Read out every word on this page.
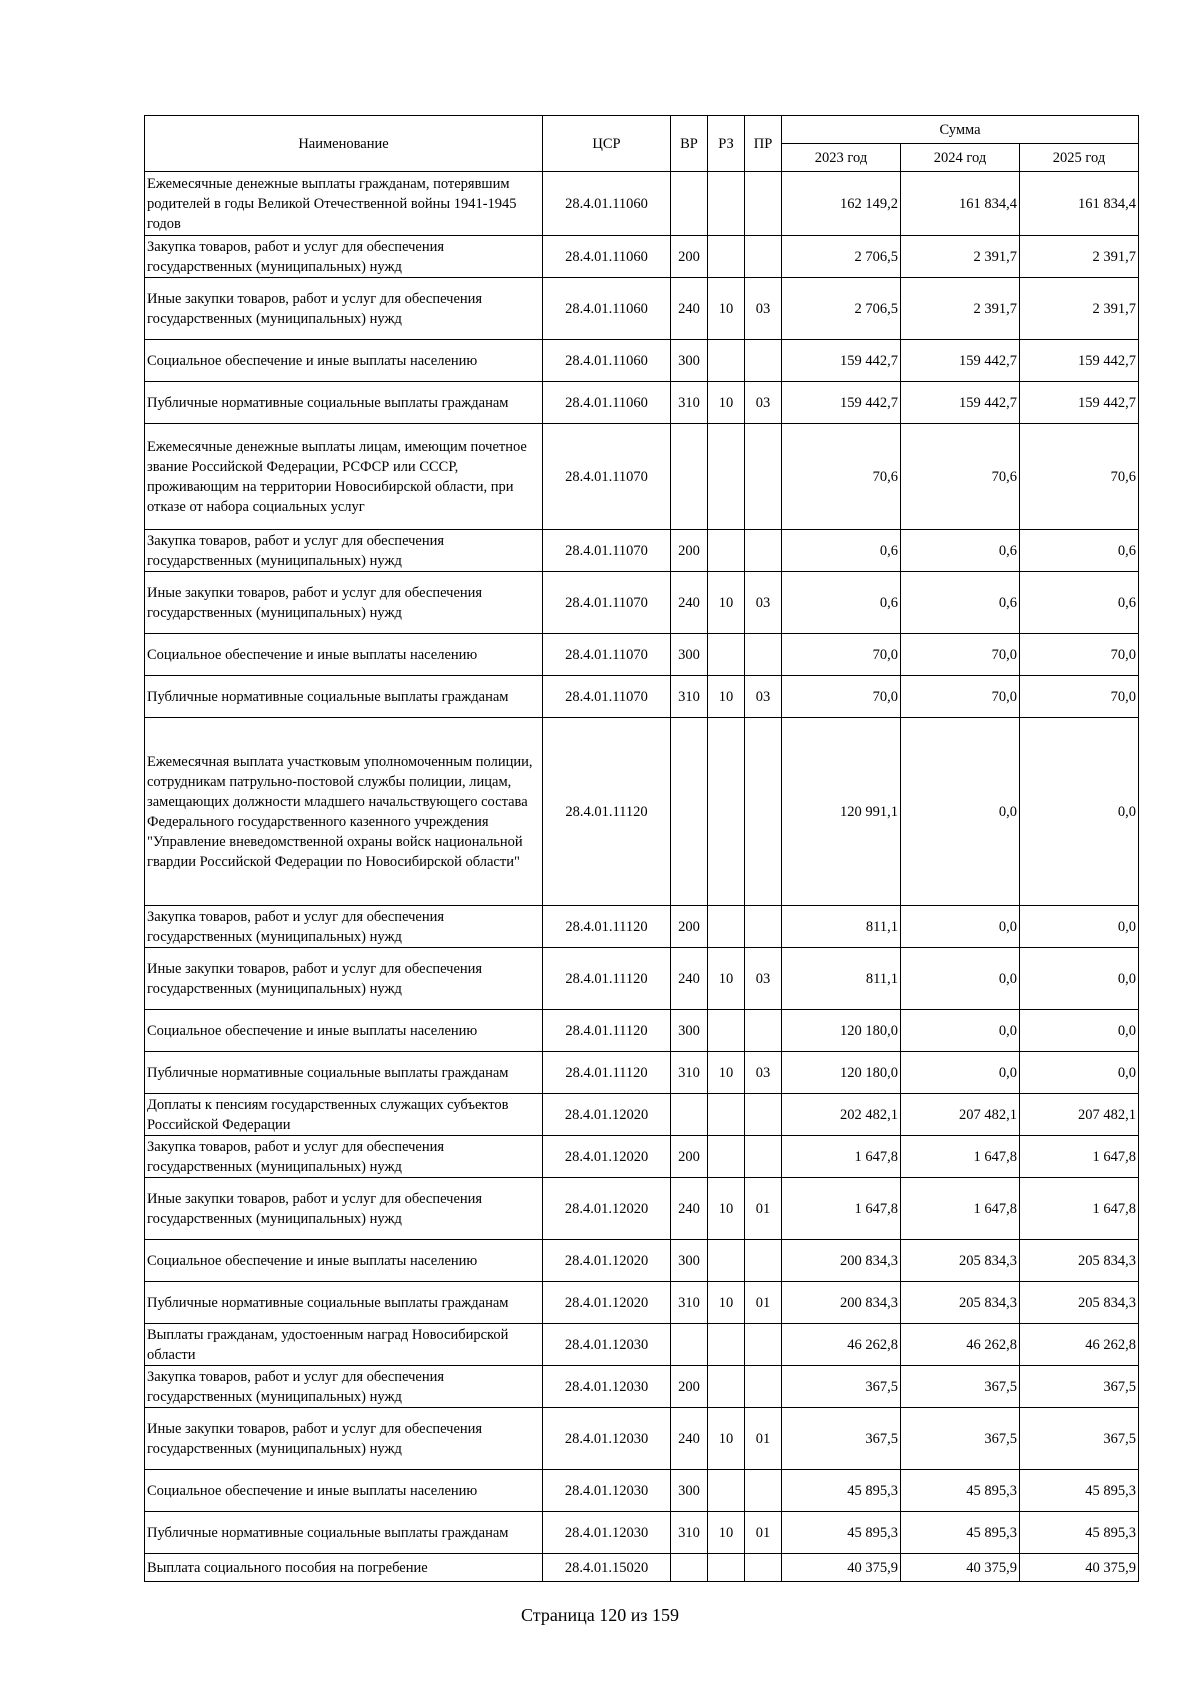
Наименование	ЦСР	ВР	РЗ	ПР	Сумма		
					2023 год	2024 год	2025 год
Ежемесячные денежные выплаты гражданам, потерявшим родителей в годы Великой Отечественной войны 1941-1945 годов	28.4.01.11060				162 149,2	161 834,4	161 834,4
Закупка товаров, работ и услуг для обеспечения государственных (муниципальных) нужд	28.4.01.11060	200			2 706,5	2 391,7	2 391,7
Иные закупки товаров, работ и услуг для обеспечения государственных (муниципальных) нужд	28.4.01.11060	240	10	03	2 706,5	2 391,7	2 391,7
Социальное обеспечение и иные выплаты населению	28.4.01.11060	300			159 442,7	159 442,7	159 442,7
Публичные нормативные социальные выплаты гражданам	28.4.01.11060	310	10	03	159 442,7	159 442,7	159 442,7
Ежемесячные денежные выплаты лицам, имеющим почетное звание Российской Федерации, РСФСР или СССР, проживающим на территории Новосибирской области, при отказе от набора социальных услуг	28.4.01.11070				70,6	70,6	70,6
Закупка товаров, работ и услуг для обеспечения государственных (муниципальных) нужд	28.4.01.11070	200			0,6	0,6	0,6
Иные закупки товаров, работ и услуг для обеспечения государственных (муниципальных) нужд	28.4.01.11070	240	10	03	0,6	0,6	0,6
Социальное обеспечение и иные выплаты населению	28.4.01.11070	300			70,0	70,0	70,0
Публичные нормативные социальные выплаты гражданам	28.4.01.11070	310	10	03	70,0	70,0	70,0
Ежемесячная выплата участковым уполномоченным полиции, сотрудникам патрульно-постовой службы полиции, лицам, замещающих должности младшего начальствующего состава Федерального государственного казенного учреждения "Управление вневедомственной охраны войск национальной гвардии Российской Федерации по Новосибирской области"	28.4.01.11120				120 991,1	0,0	0,0
Закупка товаров, работ и услуг для обеспечения государственных (муниципальных) нужд	28.4.01.11120	200			811,1	0,0	0,0
Иные закупки товаров, работ и услуг для обеспечения государственных (муниципальных) нужд	28.4.01.11120	240	10	03	811,1	0,0	0,0
Социальное обеспечение и иные выплаты населению	28.4.01.11120	300			120 180,0	0,0	0,0
Публичные нормативные социальные выплаты гражданам	28.4.01.11120	310	10	03	120 180,0	0,0	0,0
Доплаты к пенсиям государственных служащих субъектов Российской Федерации	28.4.01.12020				202 482,1	207 482,1	207 482,1
Закупка товаров, работ и услуг для обеспечения государственных (муниципальных) нужд	28.4.01.12020	200			1 647,8	1 647,8	1 647,8
Иные закупки товаров, работ и услуг для обеспечения государственных (муниципальных) нужд	28.4.01.12020	240	10	01	1 647,8	1 647,8	1 647,8
Социальное обеспечение и иные выплаты населению	28.4.01.12020	300			200 834,3	205 834,3	205 834,3
Публичные нормативные социальные выплаты гражданам	28.4.01.12020	310	10	01	200 834,3	205 834,3	205 834,3
Выплаты гражданам, удостоенным наград Новосибирской области	28.4.01.12030				46 262,8	46 262,8	46 262,8
Закупка товаров, работ и услуг для обеспечения государственных (муниципальных) нужд	28.4.01.12030	200			367,5	367,5	367,5
Иные закупки товаров, работ и услуг для обеспечения государственных (муниципальных) нужд	28.4.01.12030	240	10	01	367,5	367,5	367,5
Социальное обеспечение и иные выплаты населению	28.4.01.12030	300			45 895,3	45 895,3	45 895,3
Публичные нормативные социальные выплаты гражданам	28.4.01.12030	310	10	01	45 895,3	45 895,3	45 895,3
Выплата социального пособия на погребение	28.4.01.15020				40 375,9	40 375,9	40 375,9
Страница 120 из 159
